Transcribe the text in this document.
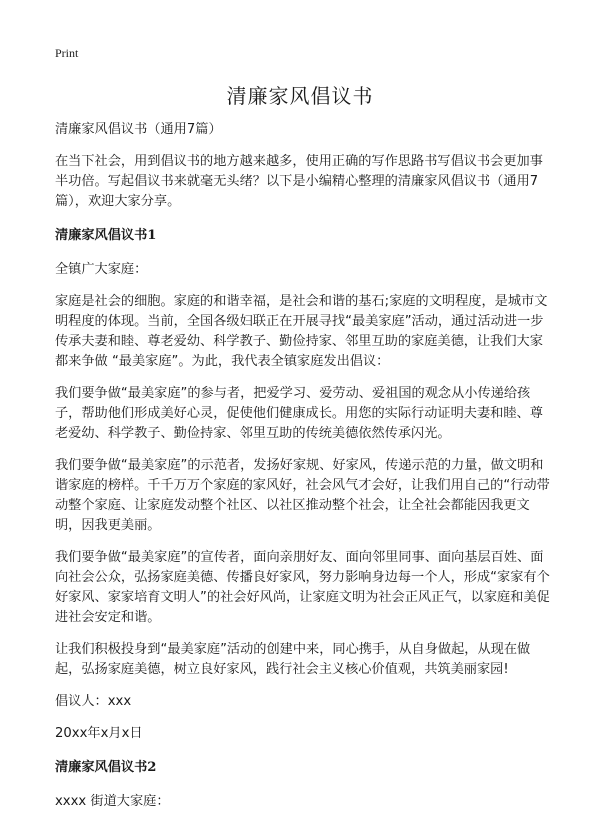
Print
清廉家风倡议书

清廉家风倡议书（通用7篇）

在当下社会，用到倡议书的地方越来越多，使用正确的写作思路书写倡议书会更加事半功倍。写起倡议书来就毫无头绪？以下是小编精心整理的清廉家风倡议书（通用7篇），欢迎大家分享。

清廉家风倡议书1

全镇广大家庭：

家庭是社会的细胞。家庭的和谐幸福，是社会和谐的基石;家庭的文明程度，是城市文明程度的体现。当前，全国各级妇联正在开展寻找“最美家庭”活动，通过活动进一步传承夫妻和睦、尊老爱幼、科学教子、勤俭持家、邻里互助的家庭美德，让我们大家都来争做 “最美家庭”。为此，我代表全镇家庭发出倡议：

我们要争做“最美家庭”的参与者，把爱学习、爱劳动、爱祖国的观念从小传递给孩子，帮助他们形成美好心灵，促使他们健康成长。用您的实际行动证明夫妻和睦、尊老爱幼、科学教子、勤俭持家、邻里互助的传统美德依然传承闪光。

我们要争做“最美家庭”的示范者，发扬好家规、好家风，传递示范的力量，做文明和谐家庭的榜样。千千万万个家庭的家风好，社会风气才会好，让我们用自己的“行动带动整个家庭、让家庭发动整个社区、以社区推动整个社会，让全社会都能因我更文明，因我更美丽。

我们要争做“最美家庭”的宣传者，面向亲朋好友、面向邻里同事、面向基层百姓、面向社会公众，弘扬家庭美德、传播良好家风，努力影响身边每一个人，形成“家家有个好家风、家家培育文明人”的社会好风尚，让家庭文明为社会正风正气，以家庭和美促进社会安定和谐。

让我们积极投身到“最美家庭”活动的创建中来，同心携手，从自身做起，从现在做起，弘扬家庭美德，树立良好家风，践行社会主义核心价值观，共筑美丽家园!

倡议人：xxx

20xx年x月x日

清廉家风倡议书2

xxxx 街道大家庭：
